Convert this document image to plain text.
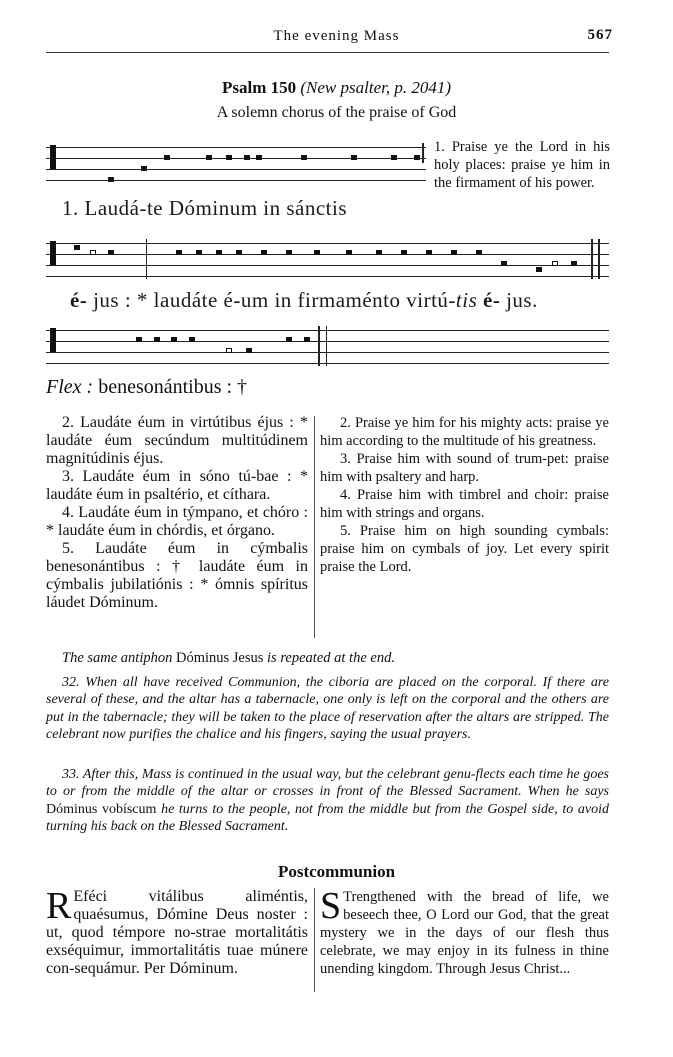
The evening Mass	567
Psalm 150 (New psalter, p. 2041)
A solemn chorus of the praise of God
1. Laudá-te Dóminum in sánctis
1. Praise ye the Lord in his holy places: praise ye him in the firmament of his power.
é- jus : * laudáte é-um in firmaménto virtú-tis é- jus.
Flex : benesonántibus : †
2. Laudáte éum in virtútibus éjus : * laudáte éum secúndum multitúdinem magnitúdinis éjus.
3. Laudáte éum in sóno tú-bae : * laudáte éum in psaltério, et cíthara.
4. Laudáte éum in týmpano, et chóro : * laudáte éum in chórdis, et órgano.
5. Laudáte éum in cýmbalis benesonántibus : † laudáte éum in cýmbalis jubilatiónis : * ómnis spíritus láudet Dóminum.
2. Praise ye him for his mighty acts: praise ye him according to the multitude of his greatness.
3. Praise him with sound of trum-pet: praise him with psaltery and harp.
4. Praise him with timbrel and choir: praise him with strings and organs.
5. Praise him on high sounding cymbals: praise him on cymbals of joy. Let every spirit praise the Lord.
The same antiphon Dóminus Jesus is repeated at the end.
32. When all have received Communion, the ciboria are placed on the corporal. If there are several of these, and the altar has a tabernacle, one only is left on the corporal and the others are put in the tabernacle; they will be taken to the place of reservation after the altars are stripped. The celebrant now purifies the chalice and his fingers, saying the usual prayers.
33. After this, Mass is continued in the usual way, but the celebrant genu-flects each time he goes to or from the middle of the altar or crosses in front of the Blessed Sacrament. When he says Dóminus vobíscum he turns to the people, not from the middle but from the Gospel side, to avoid turning his back on the Blessed Sacrament.
Postcommunion
R Eféci vitálibus aliméntis, quaésumus, Dómine Deus noster : ut, quod témpore no-strae mortalitátis exséquimur, immortalitátis tuae múnere con-sequámur. Per Dóminum.
S Trengthened with the bread of life, we beseech thee, O Lord our God, that the great mystery we in the days of our flesh thus celebrate, we may enjoy in its fulness in thine unending kingdom. Through Jesus Christ...
